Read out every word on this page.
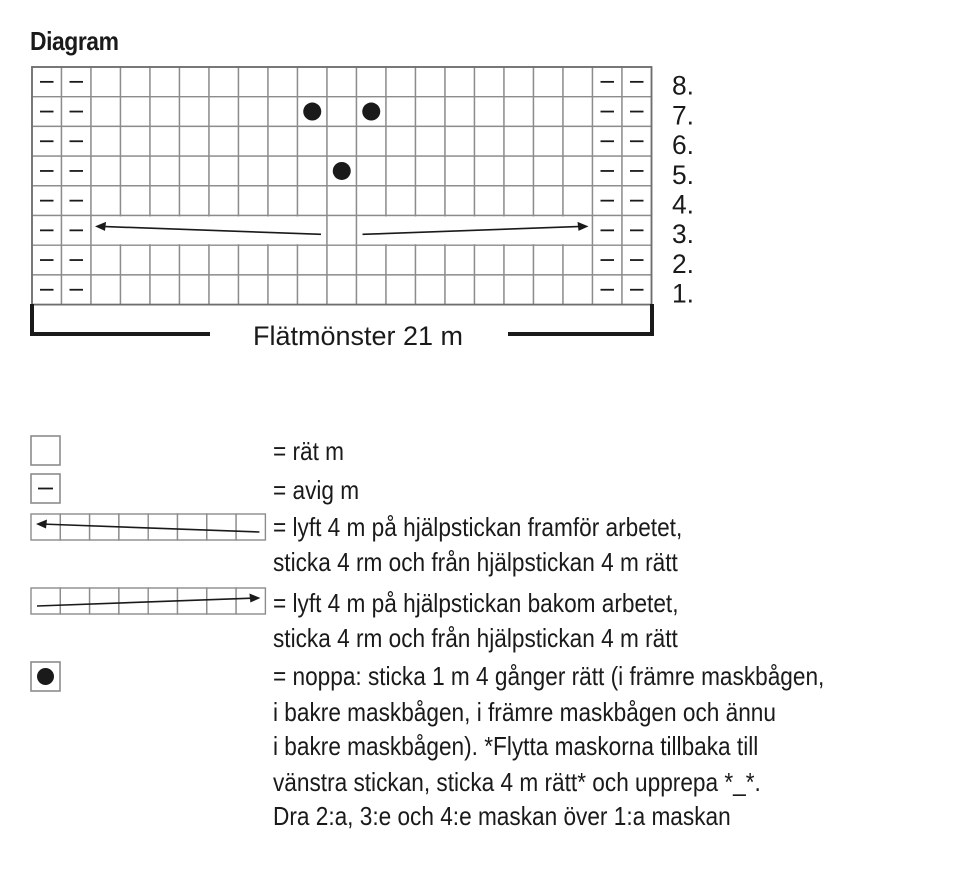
Diagram
8.
7.
6.
5.
4.
3.
2.
1.
Flätmönster 21 m
= rät m
= avig m
= lyft 4 m på hjälpstickan framför arbetet,
sticka 4 rm och från hjälpstickan 4 m rätt
= lyft 4 m på hjälpstickan bakom arbetet,
sticka 4 rm och från hjälpstickan 4 m rätt
= noppa: sticka 1 m 4 gånger rätt (i främre maskbågen,
i bakre maskbågen, i främre maskbågen och ännu
i bakre maskbågen). *Flytta maskorna tillbaka till
vänstra stickan, sticka 4 m rätt* och upprepa *_*.
Dra 2:a, 3:e och 4:e maskan över 1:a maskan
